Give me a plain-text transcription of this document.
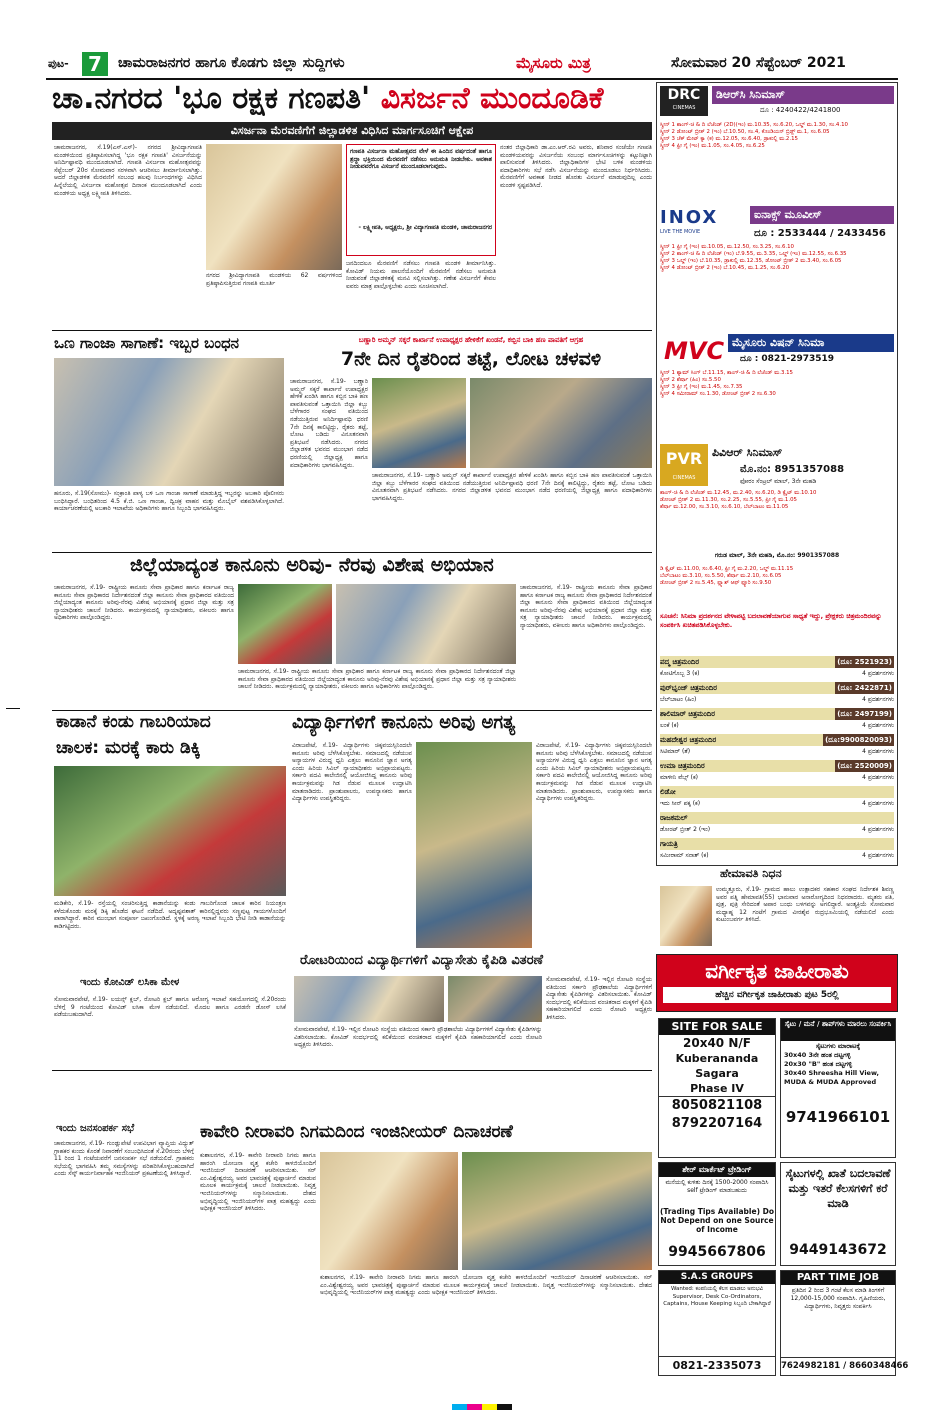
ಪುಟ- 7	ಚಾಮರಾಜನಗರ ಹಾಗೂ ಕೊಡಗು ಜಿಲ್ಲಾ ಸುದ್ದಿಗಳು	ಮೈಸೂರು ಮಿತ್ರ	ಸೋಮವಾರ 20 ಸೆಪ್ಟೆಂಬರ್ 2021
ಚಾ.ನಗರದ 'ಭೂ ರಕ್ಷಕ ಗಣಪತಿ' ವಿಸರ್ಜನೆ ಮುಂದೂಡಿಕೆ
ವಿಸರ್ಜನಾ ಮೆರವಣಿಗೆಗೆ ಜಿಲ್ಲಾಡಳಿತ ವಿಧಿಸಿದ ಮಾರ್ಗಸೂಚಿಗೆ ಆಕ್ಷೇಪ
ಚಾಮರಾಜನಗರ, ಸೆ.19(ಎಸ್.ಎಸ್)- ನಗರದ ಶ್ರೀವಿದ್ಯಾಗಣಪತಿ ಮಂಡಳಿಯಿಂದ ಪ್ರತಿಷ್ಠಾಪಿಸಲಾಗಿದ್ದ 'ಭೂ ರಕ್ಷಕ ಗಣಪತಿ' ವಿಸರ್ಜನೆಯನ್ನು ಅನಿರ್ದಿಷ್ಟಾವಧಿ ಮುಂದೂಡಲಾಗಿದೆ. ಗಣಪತಿ ವಿಸರ್ಜನಾ ಮಹೋತ್ಸವವನ್ನು ಸೆಪ್ಟೆಂಬರ್ 20ರ ಸೋಮವಾರ ಸರಳವಾಗಿ ಆಚರಿಸಲು ತೀರ್ಮಾನಿಸಲಾಗಿತ್ತು. ಆದರೆ ಜಿಲ್ಲಾಡಳಿತ ಮೆರವಣಿಗೆ ಸಂಬಂಧ ಹಲವು ನಿರ್ಬಂಧಗಳನ್ನು ವಿಧಿಸಿದ ಹಿನ್ನೆಲೆಯಲ್ಲಿ ವಿಸರ್ಜನಾ ಮಹೋತ್ಸವ ದಿನಾಂಕ ಮುಂದೂಡಲಾಗಿದೆ ಎಂದು ಮಂಡಳಿಯ ಅಧ್ಯಕ್ಷ ಲಕ್ಷ್ಮೀಪತಿ ತಿಳಿಸಿದರು.
ನಗರದ ಶ್ರೀವಿದ್ಯಾಗಣಪತಿ ಮಂಡಳಿಯ 62 ವರ್ಷಗಳಿಂದ ಪ್ರತಿಷ್ಠಾಪಿಸುತ್ತಿರುವ ಗಣಪತಿ ಮೂರ್ತಿ
ಗಣಪತಿ ವಿಸರ್ಜನಾ ಮಹೋತ್ಸವದ ವೇಳೆ ಈ ಹಿಂದಿನ ವರ್ಷದಂತೆ ಹಾಗೂ ಶ್ರದ್ಧಾ ಭಕ್ತಿಯಿಂದ ಮೆರವಣಿಗೆ ನಡೆಸಲು ಅನುಮತಿ ನೀಡಬೇಕು. ಅವಕಾಶ ನೀಡುವವರೆಗೂ ವಿಸರ್ಜನೆ ಮುಂದೂಡಲಾಗುವುದು.
- ಲಕ್ಷ್ಮೀಪತಿ, ಅಧ್ಯಕ್ಷರು, ಶ್ರೀ ವಿದ್ಯಾಗಣಪತಿ ಮಂಡಳಿ, ಚಾಮರಾಜನಗರ
ಜನದಿಂದಲೂ ಮೆರವಣಿಗೆ ನಡೆಸಲು ಗಣಪತಿ ಮಂಡಳಿ ತೀರ್ಮಾನಿಸಿತ್ತು. ಕೋವಿಡ್ ನಿಯಮ ಪಾಲನೆಯೊಂದಿಗೆ ಮೆರವಣಿಗೆ ನಡೆಸಲು ಅನುಮತಿ ನೀಡುವಂತೆ ಜಿಲ್ಲಾಡಳಿತಕ್ಕೆ ಮನವಿ ಸಲ್ಲಿಸಲಾಗಿತ್ತು. ಗಣೇಶ ವಿಸರ್ಜನೆಗೆ ಕೇವಲ ಐವರು ಮಾತ್ರ ಪಾಲ್ಗೊಳ್ಳಬೇಕು ಎಂದು ಸೂಚಿಸಲಾಗಿದೆ.
ನಂತರ ಜಿಲ್ಲಾಧಿಕಾರಿ ಡಾ.ಎಂ.ಆರ್.ರವಿ ಅವರು, ಶನಿವಾರ ಸಂಜೆಯೇ ಗಣಪತಿ ಮಂಡಳಿಯವರನ್ನು ವಿಸರ್ಜನೆಯ ಸಂಬಂಧ ಮಾರ್ಗಸೂಚಿಗಳನ್ನು ಕಟ್ಟುನಿಟ್ಟಾಗಿ ಪಾಲಿಸುವಂತೆ ತಿಳಿಸಿದರು. ಜಿಲ್ಲಾಧಿಕಾರಿಗಳ ಭೇಟಿ ಬಳಿಕ ಮಂಡಳಿಯ ಪದಾಧಿಕಾರಿಗಳು ಸಭೆ ನಡೆಸಿ ವಿಸರ್ಜನೆಯನ್ನು ಮುಂದೂಡಲು ನಿರ್ಧರಿಸಿದರು. ಮೆರವಣಿಗೆಗೆ ಅವಕಾಶ ನೀಡದ ಹೊರತು ವಿಸರ್ಜನೆ ಮಾಡುವುದಿಲ್ಲ ಎಂದು ಮಂಡಳಿ ಸ್ಪಷ್ಟಪಡಿಸಿದೆ.
ಒಣ ಗಾಂಜಾ ಸಾಗಾಣೆ: ಇಬ್ಬರ ಬಂಧನ
ಹನೂರು, ಸೆ.19(ಸೋಮು)- ಸಂಕ್ರಾಂತಿ ಪಾಳ್ಯ ಬಳಿ ಒಣ ಗಾಂಜಾ ಸಾಗಾಣೆ ಮಾಡುತ್ತಿದ್ದ ಇಬ್ಬರನ್ನು ಅಬಕಾರಿ ಪೊಲೀಸರು ಬಂಧಿಸಿದ್ದಾರೆ. ಬಂಧಿತರಿಂದ 4.5 ಕೆ.ಜಿ. ಒಣ ಗಾಂಜಾ, ದ್ವಿಚಕ್ರ ವಾಹನ ಮತ್ತು ಮೊಬೈಲ್ ವಶಪಡಿಸಿಕೊಳ್ಳಲಾಗಿದೆ. ಕಾರ್ಯಾಚರಣೆಯಲ್ಲಿ ಅಬಕಾರಿ ಇಲಾಖೆಯ ಅಧಿಕಾರಿಗಳು ಹಾಗೂ ಸಿಬ್ಬಂದಿ ಭಾಗವಹಿಸಿದ್ದರು.
ಬಣ್ಣಾರಿ ಅಮ್ಮನ್ ಸಕ್ಕರೆ ಕಾರ್ಖಾನೆ ಉಪಾಧ್ಯಕ್ಷರ ಹೇಳಿಕೆಗೆ ಖಂಡನೆ, ಕಬ್ಬಿನ ಬಾಕಿ ಹಣ ಪಾವತಿಗೆ ಆಗ್ರಹ
7ನೇ ದಿನ ರೈತರಿಂದ ತಟ್ಟೆ, ಲೋಟ ಚಳವಳಿ
ಚಾಮರಾಜನಗರ, ಸೆ.19- ಬಣ್ಣಾರಿ ಅಮ್ಮನ್ ಸಕ್ಕರೆ ಕಾರ್ಖಾನೆ ಉಪಾಧ್ಯಕ್ಷರ ಹೇಳಿಕೆ ಖಂಡಿಸಿ ಹಾಗೂ ಕಬ್ಬಿನ ಬಾಕಿ ಹಣ ಪಾವತಿಸುವಂತೆ ಒತ್ತಾಯಿಸಿ ಜಿಲ್ಲಾ ಕಬ್ಬು ಬೆಳೆಗಾರರ ಸಂಘದ ವತಿಯಿಂದ ನಡೆಯುತ್ತಿರುವ ಅನಿರ್ದಿಷ್ಟಾವಧಿ ಧರಣಿ 7ನೇ ದಿನಕ್ಕೆ ಕಾಲಿಟ್ಟಿದ್ದು, ರೈತರು ತಟ್ಟೆ, ಲೋಟ ಬಡಿದು ವಿನೂತನವಾಗಿ ಪ್ರತಿಭಟನೆ ನಡೆಸಿದರು. ನಗರದ ಜಿಲ್ಲಾಡಳಿತ ಭವನದ ಮುಂಭಾಗ ನಡೆದ ಧರಣಿಯಲ್ಲಿ ಜಿಲ್ಲಾಧ್ಯಕ್ಷ ಹಾಗೂ ಪದಾಧಿಕಾರಿಗಳು ಭಾಗವಹಿಸಿದ್ದರು.
ಚಾಮರಾಜನಗರ, ಸೆ.19- ಬಣ್ಣಾರಿ ಅಮ್ಮನ್ ಸಕ್ಕರೆ ಕಾರ್ಖಾನೆ ಉಪಾಧ್ಯಕ್ಷರ ಹೇಳಿಕೆ ಖಂಡಿಸಿ ಹಾಗೂ ಕಬ್ಬಿನ ಬಾಕಿ ಹಣ ಪಾವತಿಸುವಂತೆ ಒತ್ತಾಯಿಸಿ ಜಿಲ್ಲಾ ಕಬ್ಬು ಬೆಳೆಗಾರರ ಸಂಘದ ವತಿಯಿಂದ ನಡೆಯುತ್ತಿರುವ ಅನಿರ್ದಿಷ್ಟಾವಧಿ ಧರಣಿ 7ನೇ ದಿನಕ್ಕೆ ಕಾಲಿಟ್ಟಿದ್ದು, ರೈತರು ತಟ್ಟೆ, ಲೋಟ ಬಡಿದು ವಿನೂತನವಾಗಿ ಪ್ರತಿಭಟನೆ ನಡೆಸಿದರು. ನಗರದ ಜಿಲ್ಲಾಡಳಿತ ಭವನದ ಮುಂಭಾಗ ನಡೆದ ಧರಣಿಯಲ್ಲಿ ಜಿಲ್ಲಾಧ್ಯಕ್ಷ ಹಾಗೂ ಪದಾಧಿಕಾರಿಗಳು ಭಾಗವಹಿಸಿದ್ದರು.
ಜಿಲ್ಲೆಯಾದ್ಯಂತ ಕಾನೂನು ಅರಿವು- ನೆರವು ವಿಶೇಷ ಅಭಿಯಾನ
ಚಾಮರಾಜನಗರ, ಸೆ.19- ರಾಷ್ಟ್ರೀಯ ಕಾನೂನು ಸೇವಾ ಪ್ರಾಧಿಕಾರ ಹಾಗೂ ಕರ್ನಾಟಕ ರಾಜ್ಯ ಕಾನೂನು ಸೇವಾ ಪ್ರಾಧಿಕಾರದ ನಿರ್ದೇಶನದಂತೆ ಜಿಲ್ಲಾ ಕಾನೂನು ಸೇವಾ ಪ್ರಾಧಿಕಾರದ ವತಿಯಿಂದ ಜಿಲ್ಲೆಯಾದ್ಯಂತ ಕಾನೂನು ಅರಿವು-ನೆರವು ವಿಶೇಷ ಅಭಿಯಾನಕ್ಕೆ ಪ್ರಧಾನ ಜಿಲ್ಲಾ ಮತ್ತು ಸತ್ರ ನ್ಯಾಯಾಧೀಶರು ಚಾಲನೆ ನೀಡಿದರು. ಕಾರ್ಯಕ್ರಮದಲ್ಲಿ ನ್ಯಾಯಾಧೀಶರು, ವಕೀಲರು ಹಾಗೂ ಅಧಿಕಾರಿಗಳು ಪಾಲ್ಗೊಂಡಿದ್ದರು.
ಚಾಮರಾಜನಗರ, ಸೆ.19- ರಾಷ್ಟ್ರೀಯ ಕಾನೂನು ಸೇವಾ ಪ್ರಾಧಿಕಾರ ಹಾಗೂ ಕರ್ನಾಟಕ ರಾಜ್ಯ ಕಾನೂನು ಸೇವಾ ಪ್ರಾಧಿಕಾರದ ನಿರ್ದೇಶನದಂತೆ ಜಿಲ್ಲಾ ಕಾನೂನು ಸೇವಾ ಪ್ರಾಧಿಕಾರದ ವತಿಯಿಂದ ಜಿಲ್ಲೆಯಾದ್ಯಂತ ಕಾನೂನು ಅರಿವು-ನೆರವು ವಿಶೇಷ ಅಭಿಯಾನಕ್ಕೆ ಪ್ರಧಾನ ಜಿಲ್ಲಾ ಮತ್ತು ಸತ್ರ ನ್ಯಾಯಾಧೀಶರು ಚಾಲನೆ ನೀಡಿದರು. ಕಾರ್ಯಕ್ರಮದಲ್ಲಿ ನ್ಯಾಯಾಧೀಶರು, ವಕೀಲರು ಹಾಗೂ ಅಧಿಕಾರಿಗಳು ಪಾಲ್ಗೊಂಡಿದ್ದರು.
ಚಾಮರಾಜನಗರ, ಸೆ.19- ರಾಷ್ಟ್ರೀಯ ಕಾನೂನು ಸೇವಾ ಪ್ರಾಧಿಕಾರ ಹಾಗೂ ಕರ್ನಾಟಕ ರಾಜ್ಯ ಕಾನೂನು ಸೇವಾ ಪ್ರಾಧಿಕಾರದ ನಿರ್ದೇಶನದಂತೆ ಜಿಲ್ಲಾ ಕಾನೂನು ಸೇವಾ ಪ್ರಾಧಿಕಾರದ ವತಿಯಿಂದ ಜಿಲ್ಲೆಯಾದ್ಯಂತ ಕಾನೂನು ಅರಿವು-ನೆರವು ವಿಶೇಷ ಅಭಿಯಾನಕ್ಕೆ ಪ್ರಧಾನ ಜಿಲ್ಲಾ ಮತ್ತು ಸತ್ರ ನ್ಯಾಯಾಧೀಶರು ಚಾಲನೆ ನೀಡಿದರು. ಕಾರ್ಯಕ್ರಮದಲ್ಲಿ ನ್ಯಾಯಾಧೀಶರು, ವಕೀಲರು ಹಾಗೂ ಅಧಿಕಾರಿಗಳು ಪಾಲ್ಗೊಂಡಿದ್ದರು.
ಕಾಡಾನೆ ಕಂಡು ಗಾಬರಿಯಾದ
ಚಾಲಕ: ಮರಕ್ಕೆ ಕಾರು ಡಿಕ್ಕಿ
ಮಡಿಕೇರಿ, ಸೆ.19- ರಸ್ತೆಯಲ್ಲಿ ಸಂಚರಿಸುತ್ತಿದ್ದ ಕಾಡಾನೆಯನ್ನು ಕಂಡು ಗಾಬರಿಗೊಂಡ ಚಾಲಕ ಕಾರಿನ ನಿಯಂತ್ರಣ ಕಳೆದುಕೊಂಡು ಮರಕ್ಕೆ ಡಿಕ್ಕಿ ಹೊಡೆದ ಘಟನೆ ನಡೆದಿದೆ. ಅದೃಷ್ಟವಶಾತ್ ಕಾರಿನಲ್ಲಿದ್ದವರು ಸಣ್ಣಪುಟ್ಟ ಗಾಯಗಳೊಂದಿಗೆ ಪಾರಾಗಿದ್ದಾರೆ. ಕಾರಿನ ಮುಂಭಾಗ ಸಂಪೂರ್ಣ ಜಖಂಗೊಂಡಿದೆ. ಸ್ಥಳಕ್ಕೆ ಅರಣ್ಯ ಇಲಾಖೆ ಸಿಬ್ಬಂದಿ ಭೇಟಿ ನೀಡಿ ಕಾಡಾನೆಯನ್ನು ಕಾಡಿಗಟ್ಟಿದರು.
ಇಂದು ಕೋವಿಡ್ ಲಸಿಕಾ ಮೇಳ
ಸೋಮವಾರಪೇಟೆ, ಸೆ.19- ಲಯನ್ಸ್ ಕ್ಲಬ್, ರೋಟರಿ ಕ್ಲಬ್ ಹಾಗೂ ಆರೋಗ್ಯ ಇಲಾಖೆ ಸಹಯೋಗದಲ್ಲಿ ಸೆ.20ರಂದು ಬೆಳಿಗ್ಗೆ 9 ಗಂಟೆಯಿಂದ ಕೋವಿಡ್ ಲಸಿಕಾ ಮೇಳ ನಡೆಯಲಿದೆ. ಮೊದಲ ಹಾಗೂ ಎರಡನೇ ಡೋಸ್ ಲಸಿಕೆ ಪಡೆಯಬಹುದಾಗಿದೆ.
ವಿದ್ಯಾರ್ಥಿಗಳಿಗೆ ಕಾನೂನು ಅರಿವು ಅಗತ್ಯ
ವಿರಾಜಪೇಟೆ, ಸೆ.19- ವಿದ್ಯಾರ್ಥಿಗಳು ಚಿಕ್ಕವಯಸ್ಸಿನಿಂದಲೇ ಕಾನೂನು ಅರಿವು ಬೆಳೆಸಿಕೊಳ್ಳಬೇಕು. ಸಮಾಜದಲ್ಲಿ ನಡೆಯುವ ಅನ್ಯಾಯಗಳ ವಿರುದ್ಧ ಧ್ವನಿ ಎತ್ತಲು ಕಾನೂನಿನ ಜ್ಞಾನ ಅಗತ್ಯ ಎಂದು ಹಿರಿಯ ಸಿವಿಲ್ ನ್ಯಾಯಾಧೀಶರು ಅಭಿಪ್ರಾಯಪಟ್ಟರು. ಸರ್ಕಾರಿ ಪದವಿ ಕಾಲೇಜಿನಲ್ಲಿ ಆಯೋಜಿಸಿದ್ದ ಕಾನೂನು ಅರಿವು ಕಾರ್ಯಕ್ರಮವನ್ನು ಗಿಡ ನೆಡುವ ಮೂಲಕ ಉದ್ಘಾಟಿಸಿ ಮಾತನಾಡಿದರು. ಪ್ರಾಂಶುಪಾಲರು, ಉಪನ್ಯಾಸಕರು ಹಾಗೂ ವಿದ್ಯಾರ್ಥಿಗಳು ಉಪಸ್ಥಿತರಿದ್ದರು.
ವಿರಾಜಪೇಟೆ, ಸೆ.19- ವಿದ್ಯಾರ್ಥಿಗಳು ಚಿಕ್ಕವಯಸ್ಸಿನಿಂದಲೇ ಕಾನೂನು ಅರಿವು ಬೆಳೆಸಿಕೊಳ್ಳಬೇಕು. ಸಮಾಜದಲ್ಲಿ ನಡೆಯುವ ಅನ್ಯಾಯಗಳ ವಿರುದ್ಧ ಧ್ವನಿ ಎತ್ತಲು ಕಾನೂನಿನ ಜ್ಞಾನ ಅಗತ್ಯ ಎಂದು ಹಿರಿಯ ಸಿವಿಲ್ ನ್ಯಾಯಾಧೀಶರು ಅಭಿಪ್ರಾಯಪಟ್ಟರು. ಸರ್ಕಾರಿ ಪದವಿ ಕಾಲೇಜಿನಲ್ಲಿ ಆಯೋಜಿಸಿದ್ದ ಕಾನೂನು ಅರಿವು ಕಾರ್ಯಕ್ರಮವನ್ನು ಗಿಡ ನೆಡುವ ಮೂಲಕ ಉದ್ಘಾಟಿಸಿ ಮಾತನಾಡಿದರು. ಪ್ರಾಂಶುಪಾಲರು, ಉಪನ್ಯಾಸಕರು ಹಾಗೂ ವಿದ್ಯಾರ್ಥಿಗಳು ಉಪಸ್ಥಿತರಿದ್ದರು.
ರೋಟರಿಯಿಂದ ವಿದ್ಯಾರ್ಥಿಗಳಿಗೆ ವಿದ್ಯಾಸೇತು ಕೈಪಿಡಿ ವಿತರಣೆ
ಸೋಮವಾರಪೇಟೆ, ಸೆ.19- ಇಲ್ಲಿನ ರೋಟರಿ ಸಂಸ್ಥೆಯ ವತಿಯಿಂದ ಸರ್ಕಾರಿ ಪ್ರೌಢಶಾಲೆಯ ವಿದ್ಯಾರ್ಥಿಗಳಿಗೆ ವಿದ್ಯಾಸೇತು ಕೈಪಿಡಿಗಳನ್ನು ವಿತರಿಸಲಾಯಿತು. ಕೋವಿಡ್ ಸಂದರ್ಭದಲ್ಲಿ ಕಲಿಕೆಯಿಂದ ವಂಚಿತರಾದ ಮಕ್ಕಳಿಗೆ ಕೈಪಿಡಿ ಸಹಕಾರಿಯಾಗಲಿದೆ ಎಂದು ರೋಟರಿ ಅಧ್ಯಕ್ಷರು ತಿಳಿಸಿದರು.
ಸೋಮವಾರಪೇಟೆ, ಸೆ.19- ಇಲ್ಲಿನ ರೋಟರಿ ಸಂಸ್ಥೆಯ ವತಿಯಿಂದ ಸರ್ಕಾರಿ ಪ್ರೌಢಶಾಲೆಯ ವಿದ್ಯಾರ್ಥಿಗಳಿಗೆ ವಿದ್ಯಾಸೇತು ಕೈಪಿಡಿಗಳನ್ನು ವಿತರಿಸಲಾಯಿತು. ಕೋವಿಡ್ ಸಂದರ್ಭದಲ್ಲಿ ಕಲಿಕೆಯಿಂದ ವಂಚಿತರಾದ ಮಕ್ಕಳಿಗೆ ಕೈಪಿಡಿ ಸಹಕಾರಿಯಾಗಲಿದೆ ಎಂದು ರೋಟರಿ ಅಧ್ಯಕ್ಷರು ತಿಳಿಸಿದರು.
ಇಂದು ಜನಸಂಪರ್ಕ ಸಭೆ
ಚಾಮರಾಜನಗರ, ಸೆ.19- ಗುಂಡ್ಲುಪೇಟೆ ಉಪವಿಭಾಗ ವ್ಯಾಪ್ತಿಯ ವಿದ್ಯುತ್ ಗ್ರಾಹಕರ ಕುಂದು ಕೊರತೆ ನಿವಾರಣೆಗೆ ಸಂಬಂಧಿಸಿದಂತೆ ಸೆ.20ರಂದು ಬೆಳಿಗ್ಗೆ 11 ರಿಂದ 1 ಗಂಟೆಯವರೆಗೆ ಜನಸಂಪರ್ಕ ಸಭೆ ನಡೆಯಲಿದೆ. ಗ್ರಾಹಕರು ಸಭೆಯಲ್ಲಿ ಭಾಗವಹಿಸಿ ತಮ್ಮ ಸಮಸ್ಯೆಗಳನ್ನು ಪರಿಹರಿಸಿಕೊಳ್ಳಬಹುದಾಗಿದೆ ಎಂದು ಸೆಸ್ಕ್ ಕಾರ್ಯನಿರ್ವಾಹಕ ಇಂಜಿನಿಯರ್ ಪ್ರಕಟಣೆಯಲ್ಲಿ ತಿಳಿಸಿದ್ದಾರೆ.
ಕಾವೇರಿ ನೀರಾವರಿ ನಿಗಮದಿಂದ ಇಂಜಿನೀಯರ್ ದಿನಾಚರಣೆ
ಕುಶಾಲನಗರ, ಸೆ.19- ಕಾವೇರಿ ನೀರಾವರಿ ನಿಗಮ ಹಾಗೂ ಹಾರಂಗಿ ಯೋಜನಾ ವೃತ್ತ ಕಚೇರಿ ಕಾಳಜಿಯೊಂದಿಗೆ ಇಂಜಿನಿಯರ್ ದಿನಾಚರಣೆ ಆಚರಿಸಲಾಯಿತು. ಸರ್ ಎಂ.ವಿಶ್ವೇಶ್ವರಯ್ಯ ಅವರ ಭಾವಚಿತ್ರಕ್ಕೆ ಪುಷ್ಪಾರ್ಚನೆ ಮಾಡುವ ಮೂಲಕ ಕಾರ್ಯಕ್ರಮಕ್ಕೆ ಚಾಲನೆ ನೀಡಲಾಯಿತು. ನಿವೃತ್ತ ಇಂಜಿನಿಯರ್‌ಗಳನ್ನು ಸನ್ಮಾನಿಸಲಾಯಿತು. ದೇಶದ ಅಭಿವೃದ್ಧಿಯಲ್ಲಿ ಇಂಜಿನಿಯರ್‌ಗಳ ಪಾತ್ರ ಮಹತ್ವದ್ದು ಎಂದು ಅಧೀಕ್ಷಕ ಇಂಜಿನಿಯರ್ ತಿಳಿಸಿದರು.
ಕುಶಾಲನಗರ, ಸೆ.19- ಕಾವೇರಿ ನೀರಾವರಿ ನಿಗಮ ಹಾಗೂ ಹಾರಂಗಿ ಯೋಜನಾ ವೃತ್ತ ಕಚೇರಿ ಕಾಳಜಿಯೊಂದಿಗೆ ಇಂಜಿನಿಯರ್ ದಿನಾಚರಣೆ ಆಚರಿಸಲಾಯಿತು. ಸರ್ ಎಂ.ವಿಶ್ವೇಶ್ವರಯ್ಯ ಅವರ ಭಾವಚಿತ್ರಕ್ಕೆ ಪುಷ್ಪಾರ್ಚನೆ ಮಾಡುವ ಮೂಲಕ ಕಾರ್ಯಕ್ರಮಕ್ಕೆ ಚಾಲನೆ ನೀಡಲಾಯಿತು. ನಿವೃತ್ತ ಇಂಜಿನಿಯರ್‌ಗಳನ್ನು ಸನ್ಮಾನಿಸಲಾಯಿತು. ದೇಶದ ಅಭಿವೃದ್ಧಿಯಲ್ಲಿ ಇಂಜಿನಿಯರ್‌ಗಳ ಪಾತ್ರ ಮಹತ್ವದ್ದು ಎಂದು ಅಧೀಕ್ಷಕ ಇಂಜಿನಿಯರ್ ತಿಳಿಸಿದರು.
DRC
CINEMAS
ಡಿಆರ್‌ಸಿ ಸಿನಿಮಾಸ್
ದೂ : 4240422/4241800
ಸ್ಕ್ರೀನ್ 1 ಶಾಂಗ್-ಚಿ & ದಿ ಲೆಜೆಂಡ್ (2D)(ಇಂ) ಮ.10.35, ಸಂ.6.20, ಒಲ್ಡ್ ಮ.1.30, ಸಂ.4.10
ಸ್ಕ್ರೀನ್ 2 ಡೋಂಟ್ ಬ್ರೀತ್ 2 (ಇಂ) ಬೆ.10.50, ಸಂ.4, ಕೊಂಡಿಯನ್ ಬ್ರಿಡ್ಜ್ ಮ.1, ಸಂ.6.05
ಸ್ಕ್ರೀನ್ 3 ಚೆಕ್ ಮೇಟ್ ಕ್ಯಾ (ಕ) ಮ.12.05, ಸಂ.6.40, ಡ್ರಾಕುಲ್ಲಿ ಮ.2.15
ಸ್ಕ್ರೀನ್ 4 ಫ್ರೀ ಗೈ (ಇಂ) ಮ.1.05, ಸಂ.4.05, ಸಂ.6.25
INOX
LIVE THE MOVIE
ಐನಾಕ್ಸ್ ಮೂವೀಸ್
ದೂ : 2533444 / 2433456
ಸ್ಕ್ರೀನ್ 1 ಫ್ರೀ ಗೈ (ಇಂ) ಮ.10.05, ಮ.12.50, ಸಂ.3.25, ಸಂ.6.10
ಸ್ಕ್ರೀನ್ 2 ಶಾಂಗ್-ಚಿ & ದಿ ಲೆಜೆಂಡ್ (ಇಂ) ಬೆ.9.55, ಮ.3.35, ಒಲ್ಡ್ (ಇಂ) ಮ.12.55, ಸಂ.6.35
ಸ್ಕ್ರೀನ್ 3 ಒಲ್ಡ್ (ಇಂ) ಬೆ.10.35, ಡ್ರಾಕುಲ್ಲಿ ಮ.12.35, ಡೋಂಟ್ ಬ್ರೀತ್ 2 ಮ.3.40, ಸಂ.6.05
ಸ್ಕ್ರೀನ್ 4 ಡೋಂಟ್ ಬ್ರೀತ್ 2 (ಇಂ) ಬೆ.10.45, ಮ.1.25, ಸಂ.6.20
MVC ಮೈಸೂರು ವಿಷನ್ ಸಿನಿಮಾ
ದೂ : 0821-2973519
ಸ್ಕ್ರೀನ್ 1 ಶ್ಯಾಮ್ ಸಿಂಗ್ ಬೆ.11.15, ಶಾಂಗ್-ಚಿ & ದಿ ಲೆಜೆಂಡ್ ಮ.3.15
ಸ್ಕ್ರೀನ್ 2 ಶೆರ್ಷಾ (ಹಿಂ) ಸಂ.5.50
ಸ್ಕ್ರೀನ್ 3 ಫ್ರೀ ಗೈ (ಇಂ) ಮ.1.45, ಸಂ.7.35
ಸ್ಕ್ರೀನ್ 4 ಸಮೀರಾಮ್ ಸಂ.1.30, ಡೋಂಟ್ ಬ್ರೀತ್ 2 ಸಂ.6.30
PVR
CINEMAS
ಪಿವಿಆರ್ ಸಿನಿಮಾಸ್
ಮೊ.ನಂ: 8951357088
ಫೋರಂ ಸೆಂಟ್ರಲ್ ಮಾಲ್, 3ನೇ ಮಹಡಿ
ಶಾಂಗ್-ಚಿ & ದಿ ಲೆಜೆಂಡ್ ಮ.12.45, ಮ.2.40, ಸಂ.6.20, ಡಿ ಕ್ವೈಟ್ ಮ.10.10
ಡೋಂಟ್ ಬ್ರೀತ್ 2 ಮ.11.30, ಸಂ.2.25, ಸಂ.5.55, ಫ್ರೀ ಗೈ ಮ.1.05
ಶೆರ್ಷಾ ಮ.12.00, ಸಂ.3.10, ಸಂ.6.10, ಬೆಲ್‌ಬಾಟಂ ಮ.11.05
ಗರುಡ ಮಾಲ್, 3ನೇ ಮಹಡಿ, ಮೊ.ನಂ: 9901357088
ಡಿ ಕ್ವೈಟ್ ಮ.11.00, ಸಂ.6.40, ಫ್ರೀ ಗೈ ಮ.2.20, ಒಲ್ಡ್ ಮ.11.15
ಬೆಲ್‌ಬಾಟಂ ಮ.3.10, ಸಂ.5.50, ಶೆರ್ಷಾ ಮ.2.10, ಸಂ.6.05
ಡೋಂಟ್ ಬ್ರೀತ್ 2 ಸಂ.5.45, ಫ್ಲ್ಯಾಶ್ ಆಫ್ ಫ್ಯೂರಿ ಸಂ.9.50
ಸೂಚನೆ: ಸಿನಿಮಾ ಪ್ರದರ್ಶನದ ವೇಳಾಪಟ್ಟಿ ಬದಲಾವಣೆಯಾಗುವ ಸಾಧ್ಯತೆ ಇದ್ದು, ಪ್ರೇಕ್ಷಕರು ಚಿತ್ರಮಂದಿರವನ್ನು ಸಂಪರ್ಕಿಸಿ ಖಚಿತಪಡಿಸಿಕೊಳ್ಳಬೇಕು.
ಪದ್ಮ ಚಿತ್ರಮಂದಿರ	(ದೂ: 2521923)
ಕೋಟಿಗೊಬ್ಬ 3 (ಕ)	4 ಪ್ರದರ್ಶನಗಳು
ಪುರ್‌ಭೃಂಜ್ ಚಿತ್ರಮಂದಿರ	(ದೂ: 2422871)
ಬೆಲ್‌ಬಾಟಂ (ಹಿಂ)	4 ಪ್ರದರ್ಶನಗಳು
ಶಾಲಿಮಾರ್ ಚಿತ್ರಮಂದಿರ	(ದೂ: 2497199)
ಲಂಕೆ (ಕ)	4 ಪ್ರದರ್ಶನಗಳು
ಮಹದೇಶ್ವರ ಚಿತ್ರಮಂದಿರ	(ದೂ:9900820093)
ಸಿಟಿಮಾರ್ (ತೆ)	4 ಪ್ರದರ್ಶನಗಳು
ಉಮಾ ಚಿತ್ರಮಂದಿರ	(ದೂ: 2520009)
ಮಾಳೀನಿ ವೆಬ್ಸ್ (ಕ)	4 ಪ್ರದರ್ಶನಗಳು
ಲಿಡೋ
ಇದು ಸೀನ್ ಪಕ್ಕ (ಕ)	4 ಪ್ರದರ್ಶನಗಳು
ರಾಜಕಮಲ್
ಡೋಂಟ್ ಬ್ರೀತ್ 2 (ಇಂ)	4 ಪ್ರದರ್ಶನಗಳು
ಗಾಯತ್ರಿ
ಸಮೀರಾಮ್ ಸನಾತ್ (ಕ)	4 ಪ್ರದರ್ಶನಗಳು
ಹೇಮಾವತಿ ನಿಧನ
ಉಮ್ಮತ್ತೂರು, ಸೆ.19- ಗ್ರಾಮದ ಹಾಲು ಉತ್ಪಾದಕರ ಸಹಕಾರ ಸಂಘದ ನಿರ್ದೇಶಕ ಶಿವಣ್ಣ ಅವರ ಪತ್ನಿ ಹೇಮಾವತಿ(55) ಭಾನುವಾರ ಅನಾರೋಗ್ಯದಿಂದ ನಿಧನರಾದರು. ಮೃತರು ಪತಿ, ಪುತ್ರ, ಪುತ್ರಿ ಸೇರಿದಂತೆ ಅಪಾರ ಬಂಧು ಬಳಗವನ್ನು ಅಗಲಿದ್ದಾರೆ. ಅಂತ್ಯಕ್ರಿಯೆ ಸೋಮವಾರ ಮಧ್ಯಾಹ್ನ 12 ಗಂಟೆಗೆ ಗ್ರಾಮದ ವೀರಶೈವ ರುದ್ರಭೂಮಿಯಲ್ಲಿ ನಡೆಯಲಿದೆ ಎಂದು ಕುಟುಂಬವರ್ಗ ತಿಳಿಸಿದೆ.
ವರ್ಗೀಕೃತ ಜಾಹೀರಾತು
ಹೆಚ್ಚಿನ ವರ್ಗೀಕೃತ ಜಾಹೀರಾತು ಪುಟ 5ರಲ್ಲಿ
SITE FOR SALE
20x40 N/F
Kuberananda
Sagara
Phase IV
8050821108
8792207164
ಸೈಟು / ಮನೆ / ಶಾಪ್‌ಗಳು ಮಾರಲು ಸಂಪರ್ಕಿಸಿ
ಸೈಟುಗಳು ಮಾರಾಟಕ್ಕೆ
30x40 3ನೇ ಹಂತ ದಟ್ಟಗಳ್ಳಿ
20x30 "B" ಹಂತ ದಟ್ಟಗಳ್ಳಿ
30x40 Shreesha Hill View, MUDA & MUDA Approved
9741966101
ಶೇರ್ ಮಾರ್ಕೆಟ್ ಟ್ರೇಡಿಂಗ್
ಮನೆಯಲ್ಲಿ ಕುಳಿತು ದಿನಕ್ಕೆ 1500-2000 ಸಂಪಾದಿಸಿ self ಟ್ರೇಡಿಂಗ್ ಮಾಡಬಹುದು
(Trading Tips Available) Do Not Depend on one Source of Income
9945667806
ಸೈಟುಗಳಲ್ಲಿ ಖಾತೆ ಬದಲಾವಣೆ ಮತ್ತು ಇತರೆ ಕೆಲಸಗಳಿಗೆ ಕರೆ ಮಾಡಿ
9449143672
S.A.S GROUPS
Wanted: ಕಂಪನಿಯಲ್ಲಿ ಕೆಲಸ ಮಾಡಲು ಅನುಭವಿ Supervisor, Desk Co-Ordinators, Captains, House Keeping ಸಿಬ್ಬಂದಿ ಬೇಕಾಗಿದ್ದಾರೆ
0821-2335073
PART TIME JOB
ಪ್ರತಿದಿನ 2 ರಿಂದ 3 ಗಂಟೆ ಕೆಲಸ ಮಾಡಿ ತಿಂಗಳಿಗೆ 12,000-15,000 ಸಂಪಾದಿಸಿ. ಗೃಹಿಣಿಯರು, ವಿದ್ಯಾರ್ಥಿಗಳು, ನಿವೃತ್ತರು ಸಂಪರ್ಕಿಸಿ
7624982181 / 8660348466
